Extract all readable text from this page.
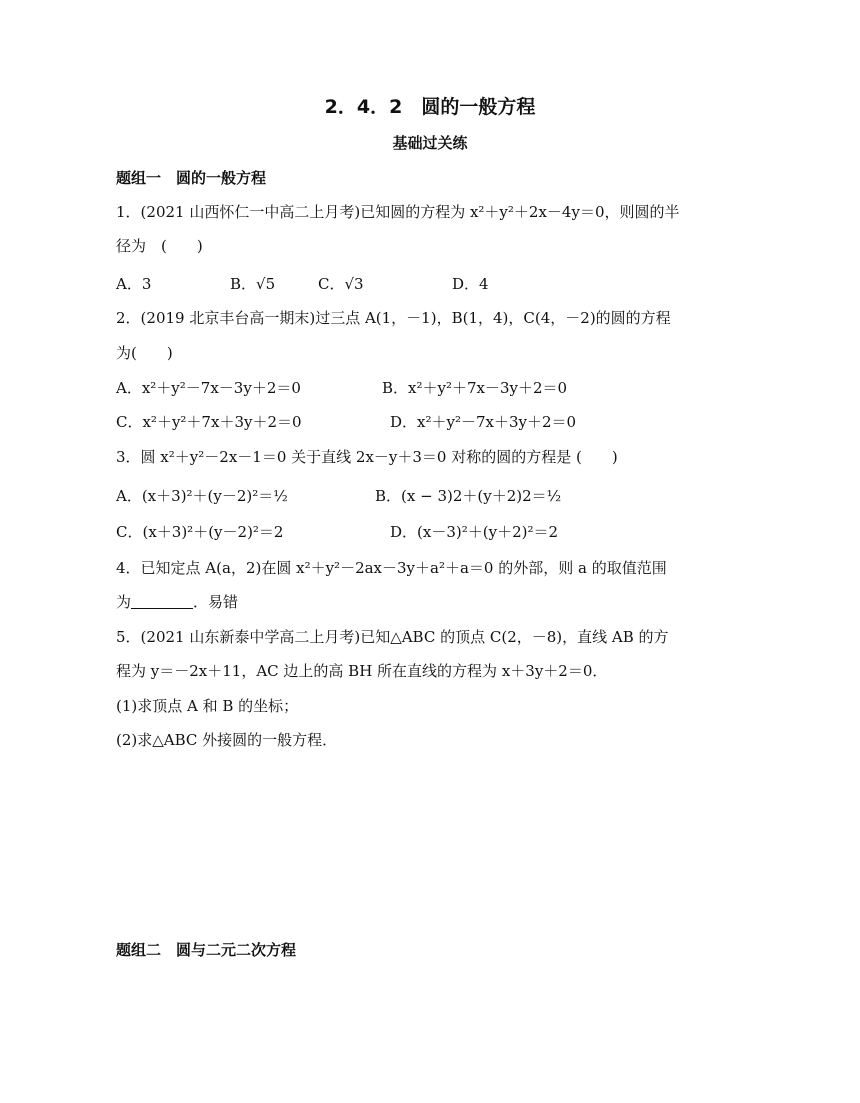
2．4．2　圆的一般方程
基础过关练
题组一　圆的一般方程
1．(2021 山西怀仁一中高二上月考)已知圆的方程为 x²＋y²＋2x－4y＝0，则圆的半
径为　(　　)
A．3	B．√5	C．√3	D．4
2．(2019 北京丰台高一期末)过三点 A(1，－1)，B(1，4)，C(4，－2)的圆的方程
为(　　)
A．x²＋y²－7x－3y＋2＝0	B．x²＋y²＋7x－3y＋2＝0
C．x²＋y²＋7x＋3y＋2＝0	D．x²＋y²－7x＋3y＋2＝0
3．圆 x²＋y²－2x－1＝0 关于直线 2x－y＋3＝0 对称的圆的方程是 (　　)
A．(x＋3)²＋(y－2)²＝½	B．(x − 3)2＋(y＋2)2＝½
C．(x＋3)²＋(y－2)²＝2	D．(x－3)²＋(y＋2)²＝2
4．已知定点 A(a，2)在圆 x²＋y²－2ax－3y＋a²＋a＝0 的外部，则 a 的取值范围
为	．易错
5．(2021 山东新泰中学高二上月考)已知△ABC 的顶点 C(2，－8)，直线 AB 的方
程为 y＝－2x＋11，AC 边上的高 BH 所在直线的方程为 x＋3y＋2＝0．
(1)求顶点 A 和 B 的坐标；
(2)求△ABC 外接圆的一般方程．
题组二　圆与二元二次方程
